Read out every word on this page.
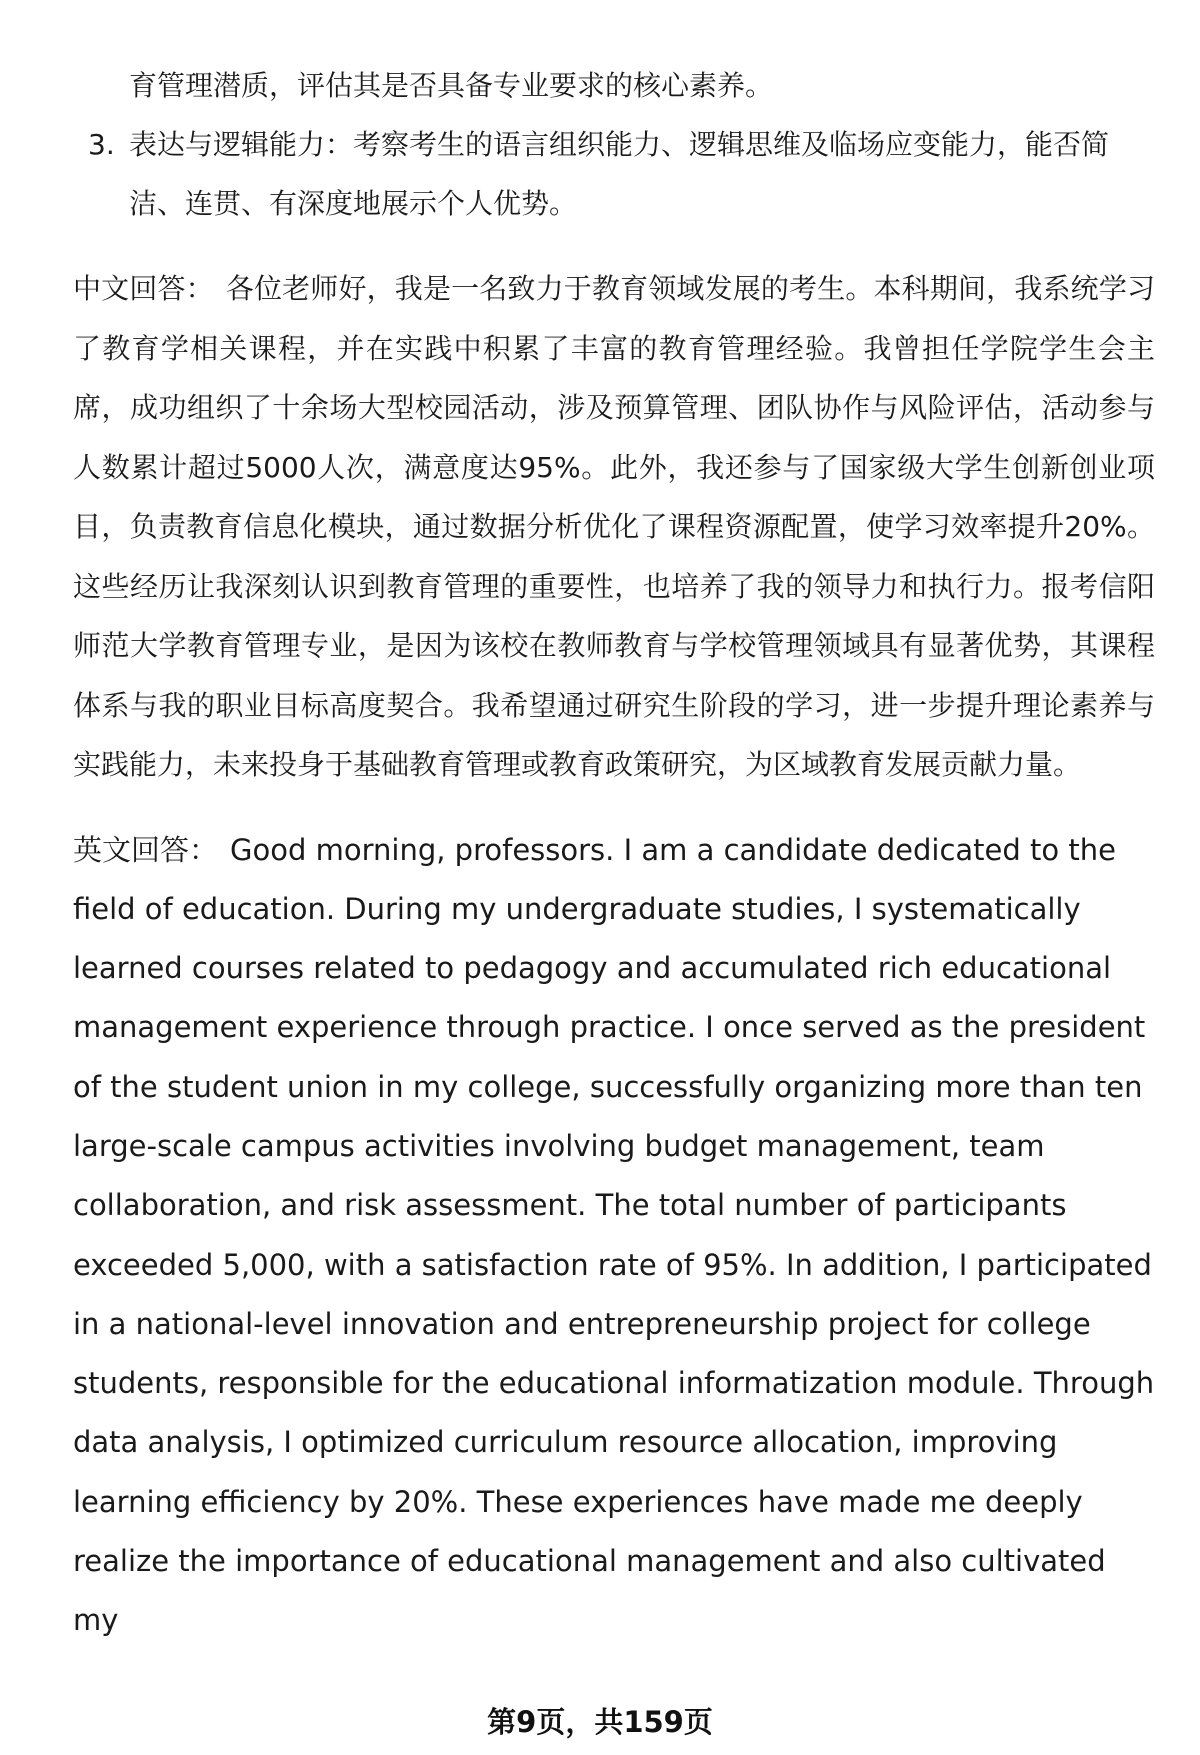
育管理潜质，评估其是否具备专业要求的核心素养。

3. 表达与逻辑能力：考察考生的语言组织能力、逻辑思维及临场应变能力，能否简洁、连贯、有深度地展示个人优势。

中文回答： 各位老师好，我是一名致力于教育领域发展的考生。本科期间，我系统学习了教育学相关课程，并在实践中积累了丰富的教育管理经验。我曾担任学院学生会主席，成功组织了十余场大型校园活动，涉及预算管理、团队协作与风险评估，活动参与人数累计超过5000人次，满意度达95%。此外，我还参与了国家级大学生创新创业项目，负责教育信息化模块，通过数据分析优化了课程资源配置，使学习效率提升20%。这些经历让我深刻认识到教育管理的重要性，也培养了我的领导力和执行力。报考信阳师范大学教育管理专业，是因为该校在教师教育与学校管理领域具有显著优势，其课程体系与我的职业目标高度契合。我希望通过研究生阶段的学习，进一步提升理论素养与实践能力，未来投身于基础教育管理或教育政策研究，为区域教育发展贡献力量。

英文回答： Good morning, professors. I am a candidate dedicated to the field of education. During my undergraduate studies, I systematically learned courses related to pedagogy and accumulated rich educational management experience through practice. I once served as the president of the student union in my college, successfully organizing more than ten large-scale campus activities involving budget management, team collaboration, and risk assessment. The total number of participants exceeded 5,000, with a satisfaction rate of 95%. In addition, I participated in a national-level innovation and entrepreneurship project for college students, responsible for the educational informatization module. Through data analysis, I optimized curriculum resource allocation, improving learning efficiency by 20%. These experiences have made me deeply realize the importance of educational management and also cultivated my

第9页，共159页
